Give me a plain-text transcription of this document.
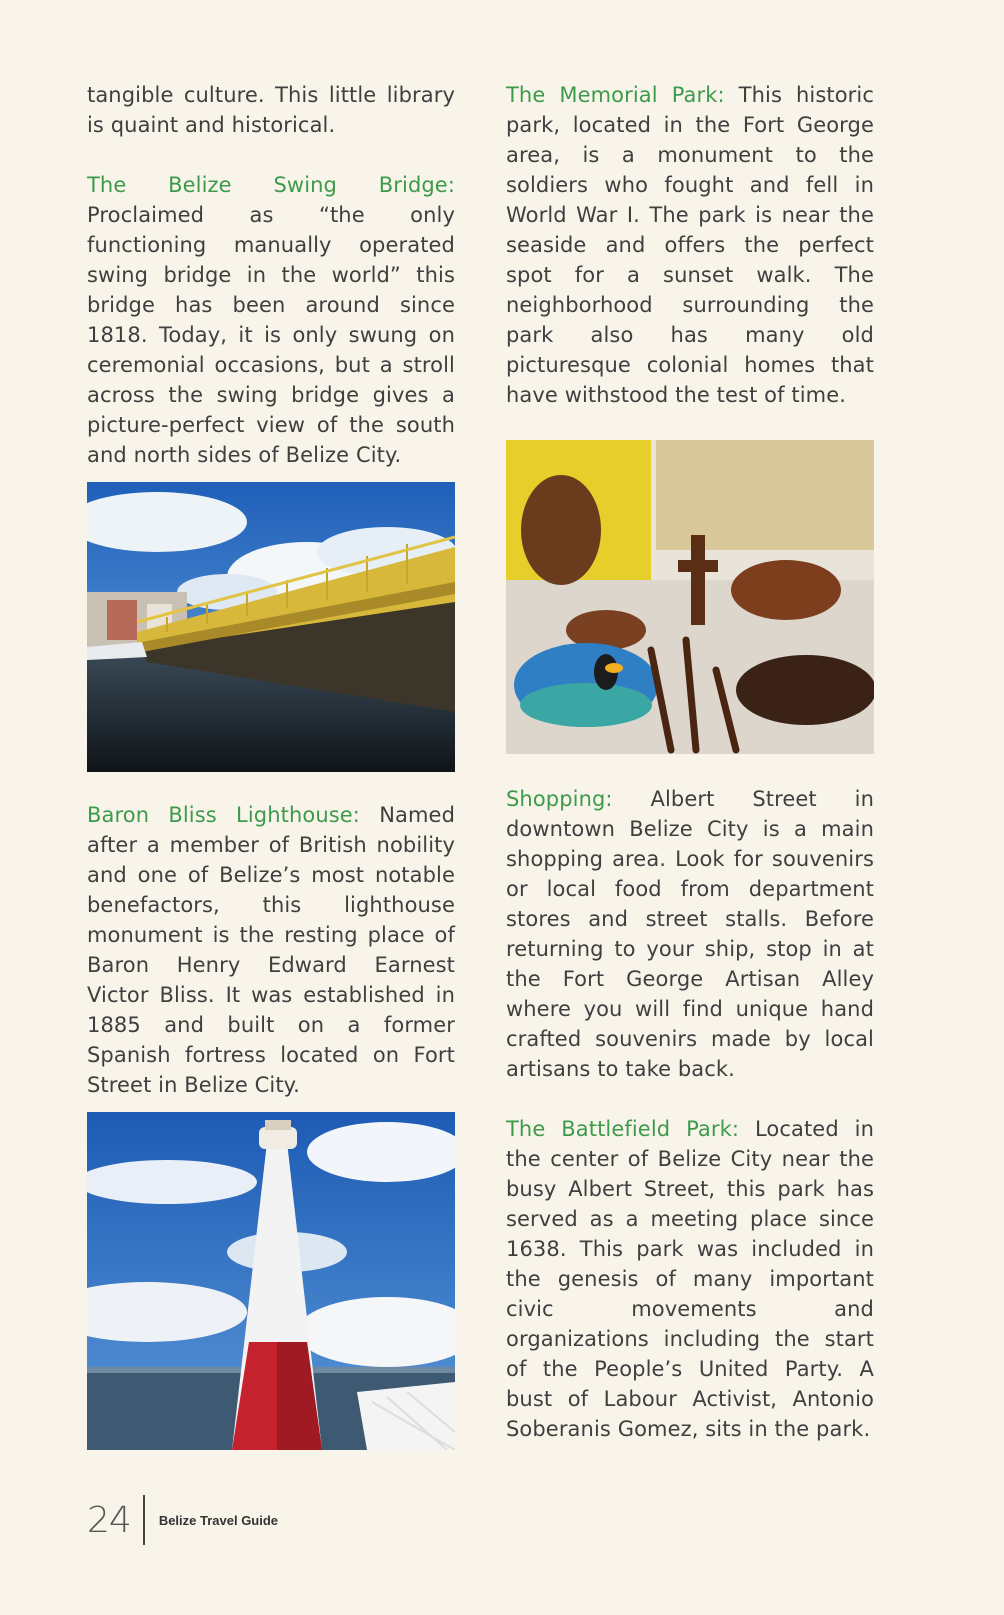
tangible culture. This little library is quaint and historical.

The Belize Swing Bridge: Proclaimed as “the only functioning manually operated swing bridge in the world” this bridge has been around since 1818. Today, it is only swung on ceremonial occasions, but a stroll across the swing bridge gives a picture-perfect view of the south and north sides of Belize City.

Baron Bliss Lighthouse: Named after a member of British nobility and one of Belize’s most notable benefactors, this lighthouse monument is the resting place of Baron Henry Edward Earnest Victor Bliss. It was established in 1885 and built on a former Spanish fortress located on Fort Street in Belize City.

The Memorial Park: This historic park, located in the Fort George area, is a monument to the soldiers who fought and fell in World War I. The park is near the seaside and offers the perfect spot for a sunset walk. The neighborhood surrounding the park also has many old picturesque colonial homes that have withstood the test of time.

Shopping: Albert Street in downtown Belize City is a main shopping area. Look for souvenirs or local food from department stores and street stalls. Before returning to your ship, stop in at the Fort George Artisan Alley where you will find unique hand crafted souvenirs made by local artisans to take back.

The Battlefield Park: Located in the center of Belize City near the busy Albert Street, this park has served as a meeting place since 1638. This park was included in the genesis of many important civic movements and organizations including the start of the People’s United Party. A bust of Labour Activist, Antonio Soberanis Gomez, sits in the park.

24 Belize Travel Guide
